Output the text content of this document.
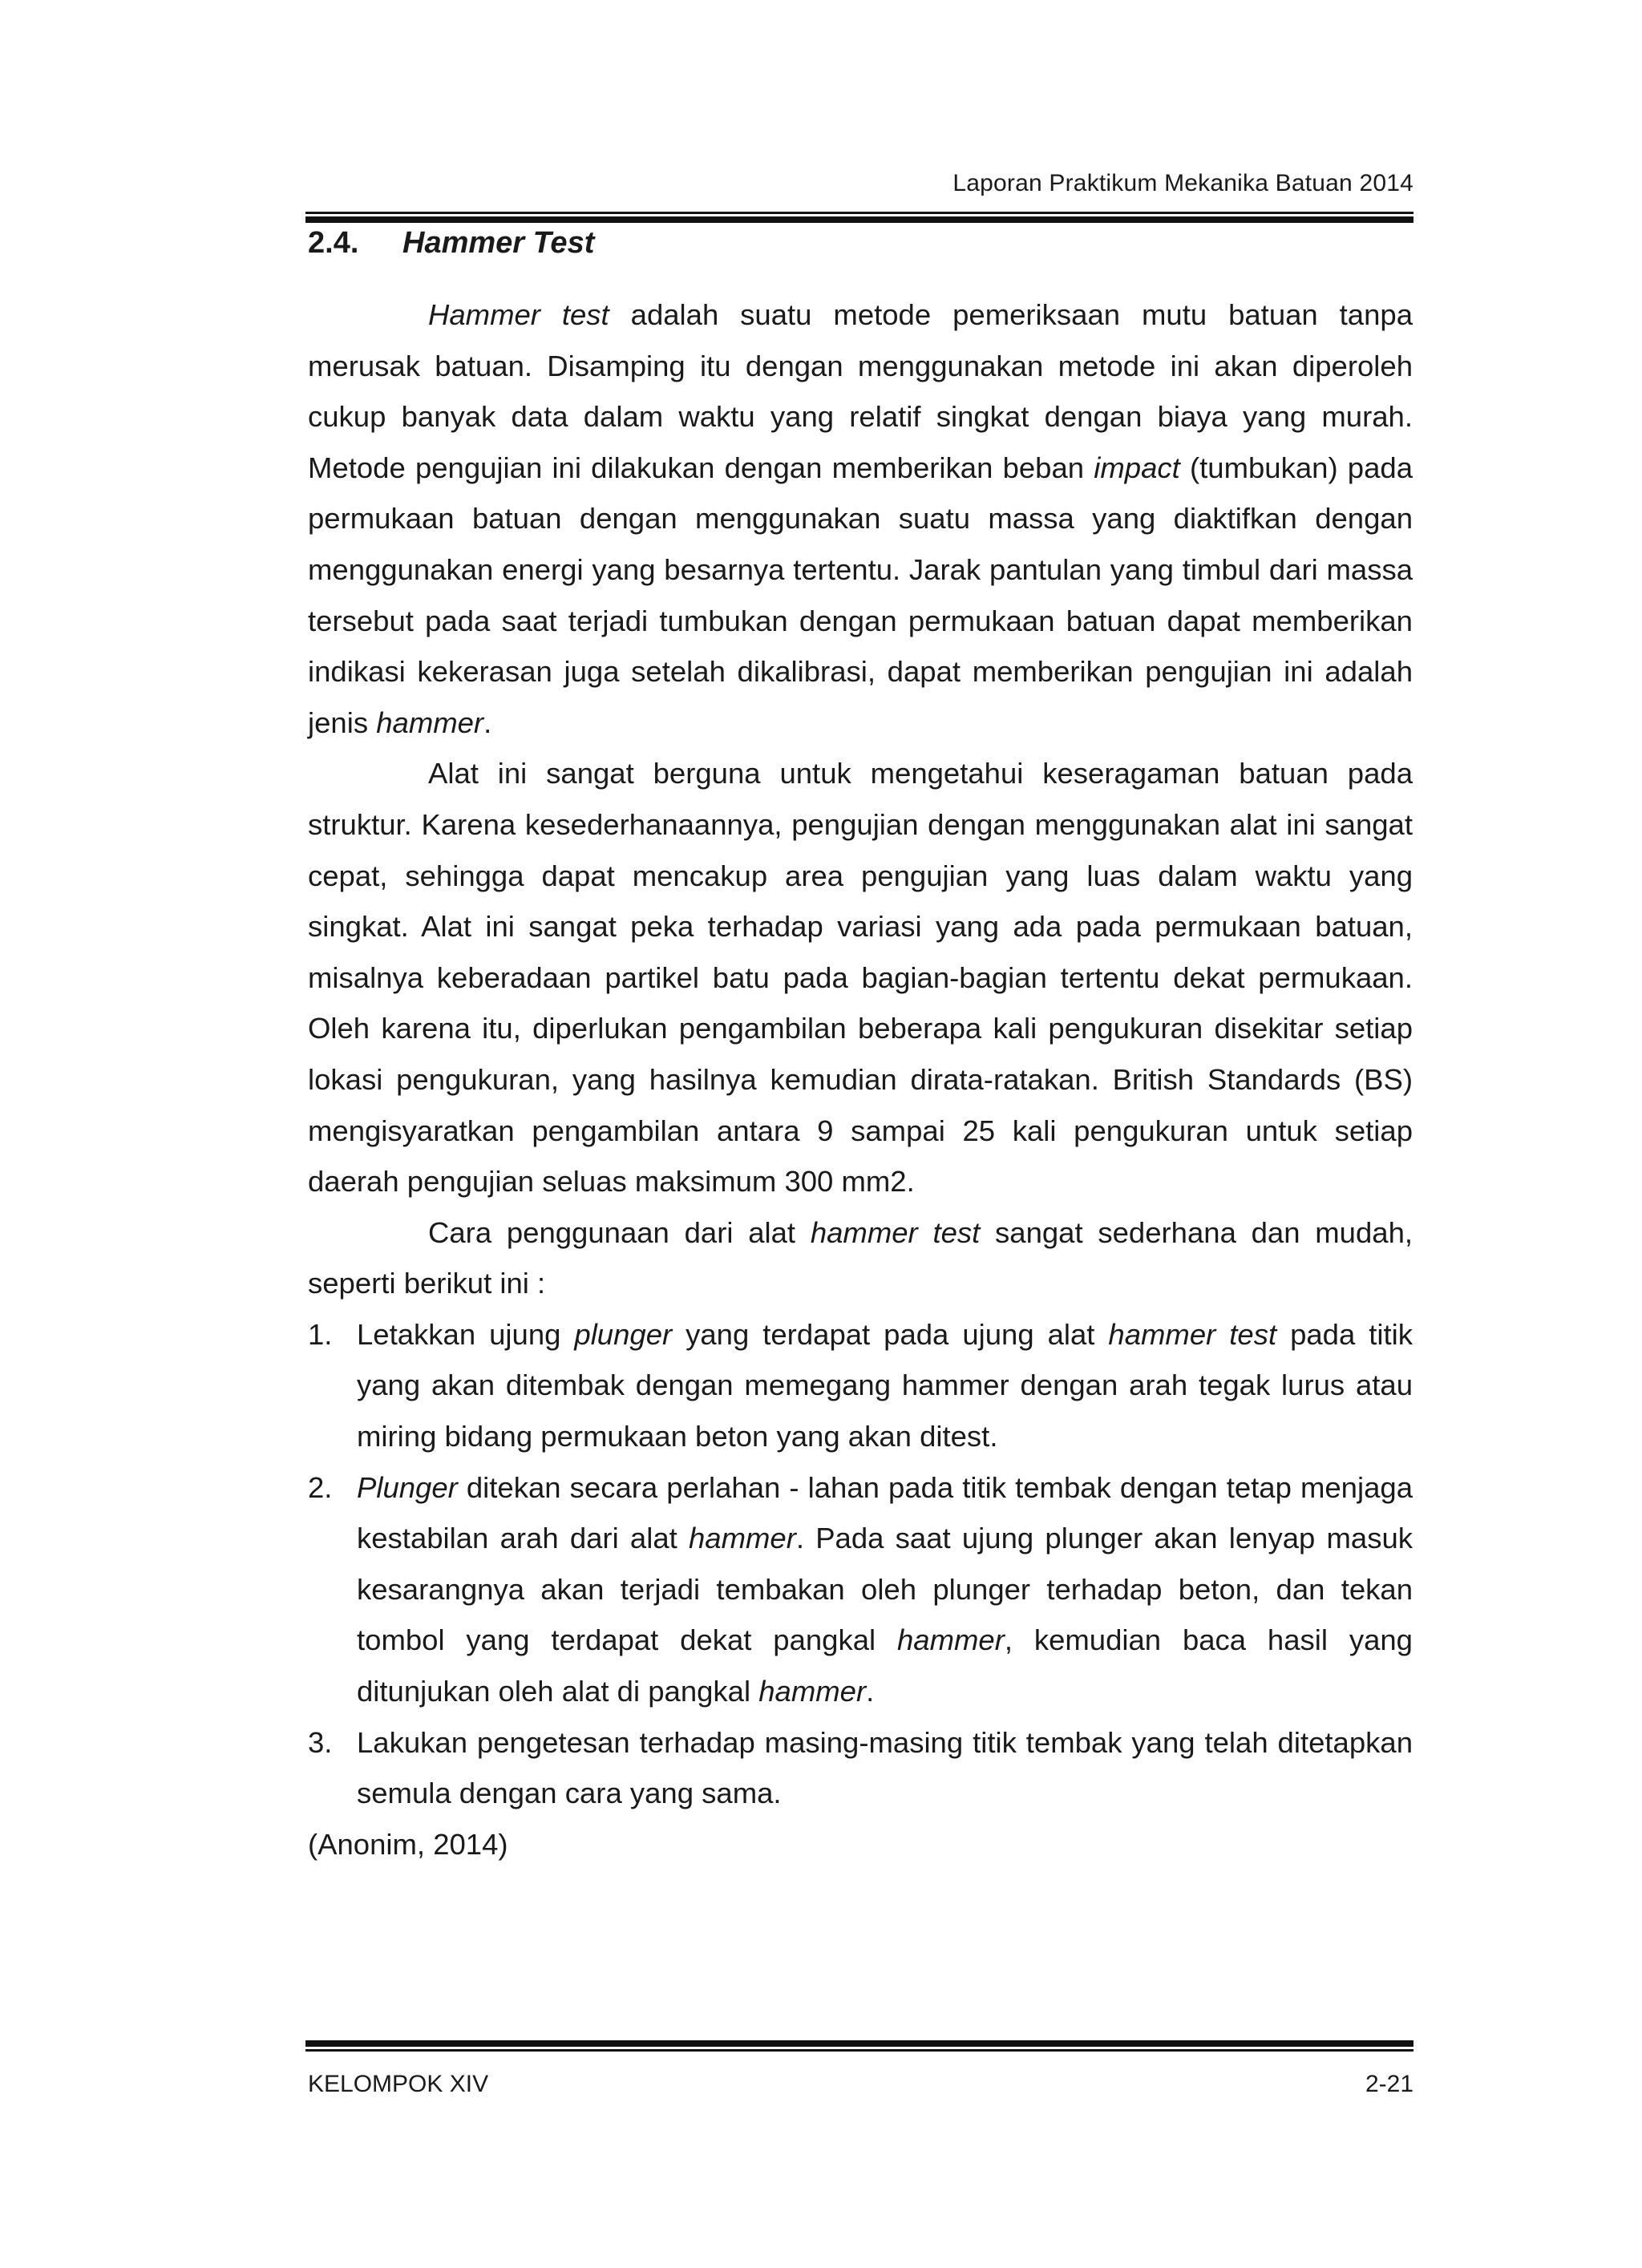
Laporan Praktikum Mekanika Batuan 2014
2.4. Hammer Test

Hammer test adalah suatu metode pemeriksaan mutu batuan tanpa merusak batuan. Disamping itu dengan menggunakan metode ini akan diperoleh cukup banyak data dalam waktu yang relatif singkat dengan biaya yang murah. Metode pengujian ini dilakukan dengan memberikan beban impact (tumbukan) pada permukaan batuan dengan menggunakan suatu massa yang diaktifkan dengan menggunakan energi yang besarnya tertentu. Jarak pantulan yang timbul dari massa tersebut pada saat terjadi tumbukan dengan permukaan batuan dapat memberikan indikasi kekerasan juga setelah dikalibrasi, dapat memberikan pengujian ini adalah jenis hammer.

Alat ini sangat berguna untuk mengetahui keseragaman batuan pada struktur. Karena kesederhanaannya, pengujian dengan menggunakan alat ini sangat cepat, sehingga dapat mencakup area pengujian yang luas dalam waktu yang singkat. Alat ini sangat peka terhadap variasi yang ada pada permukaan batuan, misalnya keberadaan partikel batu pada bagian-bagian tertentu dekat permukaan. Oleh karena itu, diperlukan pengambilan beberapa kali pengukuran disekitar setiap lokasi pengukuran, yang hasilnya kemudian dirata-ratakan. British Standards (BS) mengisyaratkan pengambilan antara 9 sampai 25 kali pengukuran untuk setiap daerah pengujian seluas maksimum 300 mm2.

Cara penggunaan dari alat hammer test sangat sederhana dan mudah, seperti berikut ini :

1. Letakkan ujung plunger yang terdapat pada ujung alat hammer test pada titik yang akan ditembak dengan memegang hammer dengan arah tegak lurus atau miring bidang permukaan beton yang akan ditest.
2. Plunger ditekan secara perlahan - lahan pada titik tembak dengan tetap menjaga kestabilan arah dari alat hammer. Pada saat ujung plunger akan lenyap masuk kesarangnya akan terjadi tembakan oleh plunger terhadap beton, dan tekan tombol yang terdapat dekat pangkal hammer, kemudian baca hasil yang ditunjukan oleh alat di pangkal hammer.
3. Lakukan pengetesan terhadap masing-masing titik tembak yang telah ditetapkan semula dengan cara yang sama.

(Anonim, 2014)

KELOMPOK XIV	2-21
